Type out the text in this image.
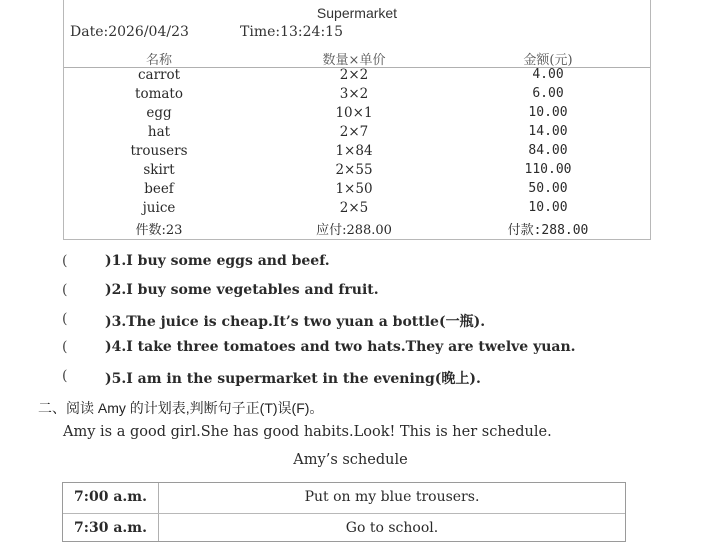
Supermarket
Date:2026/04/23	Time:13:24:15
名称	数量×单价	金额(元)
carrot	2×2	4.00
tomato	3×2	6.00
egg	10×1	10.00
hat	2×7	14.00
trousers	1×84	84.00
skirt	2×55	110.00
beef	1×50	50.00
juice	2×5	10.00
件数:23	应付:288.00	付款:288.00
(	)1.I buy some eggs and beef.
(	)2.I buy some vegetables and fruit.
(	)3.The juice is cheap.It’s two yuan a bottle(一瓶).
(	)4.I take three tomatoes and two hats.They are twelve yuan.
(	)5.I am in the supermarket in the evening(晚上).
二、阅读 Amy 的计划表,判断句子正(T)误(F)。
Amy is a good girl.She has good habits.Look! This is her schedule.
Amy’s schedule
7:00 a.m.	Put on my blue trousers.
7:30 a.m.	Go to school.
